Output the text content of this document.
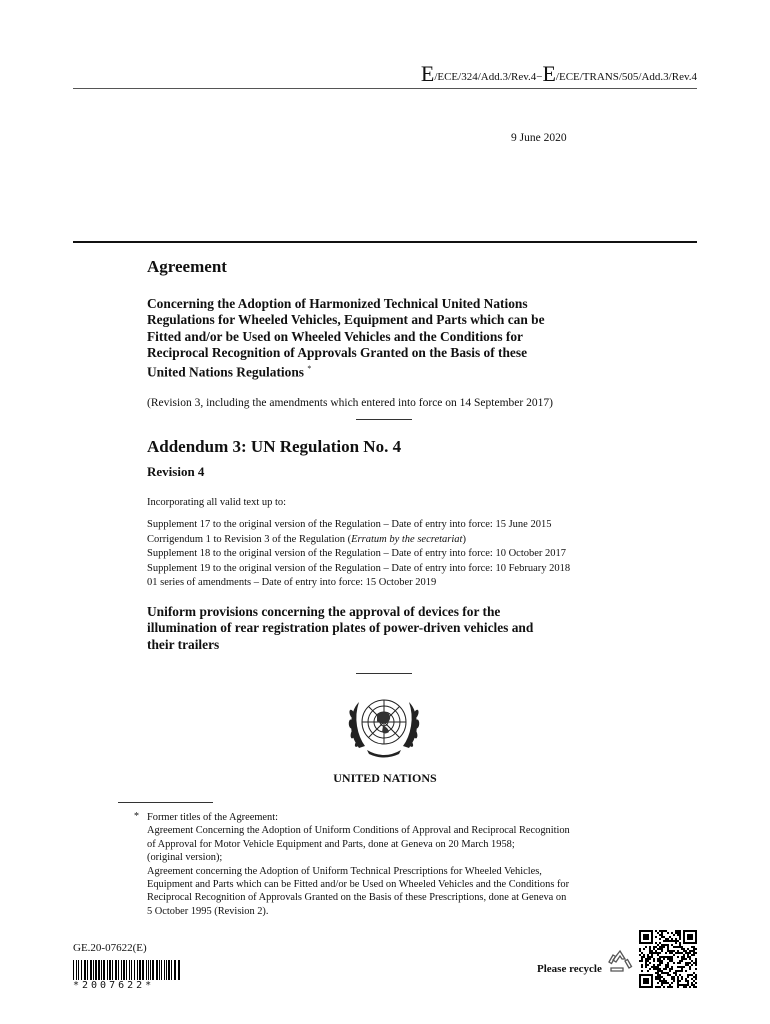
E/ECE/324/Add.3/Rev.4−E/ECE/TRANS/505/Add.3/Rev.4
9 June 2020
Agreement
Concerning the Adoption of Harmonized Technical United Nations
Regulations for Wheeled Vehicles, Equipment and Parts which can be
Fitted and/or be Used on Wheeled Vehicles and the Conditions for
Reciprocal Recognition of Approvals Granted on the Basis of these
United Nations Regulations *
(Revision 3, including the amendments which entered into force on 14 September 2017)
Addendum 3: UN Regulation No. 4
Revision 4
Incorporating all valid text up to:
Supplement 17 to the original version of the Regulation – Date of entry into force: 15 June 2015
Corrigendum 1 to Revision 3 of the Regulation (Erratum by the secretariat)
Supplement 18 to the original version of the Regulation – Date of entry into force: 10 October 2017
Supplement 19 to the original version of the Regulation – Date of entry into force: 10 February 2018
01 series of amendments – Date of entry into force: 15 October 2019
Uniform provisions concerning the approval of devices for the
illumination of rear registration plates of power-driven vehicles and
their trailers
UNITED NATIONS
* Former titles of the Agreement:
Agreement Concerning the Adoption of Uniform Conditions of Approval and Reciprocal Recognition
of Approval for Motor Vehicle Equipment and Parts, done at Geneva on 20 March 1958;
(original version);
Agreement concerning the Adoption of Uniform Technical Prescriptions for Wheeled Vehicles,
Equipment and Parts which can be Fitted and/or be Used on Wheeled Vehicles and the Conditions for
Reciprocal Recognition of Approvals Granted on the Basis of these Prescriptions, done at Geneva on
5 October 1995 (Revision 2).
GE.20-07622(E)
*2007622*
Please recycle
